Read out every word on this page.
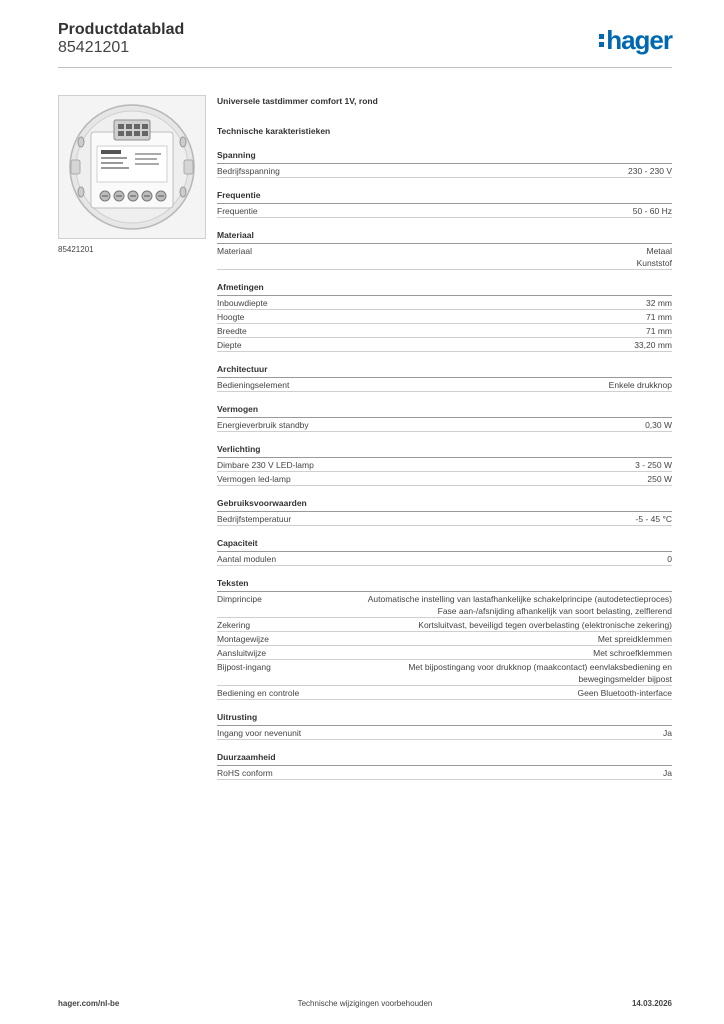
Productdatablad
85421201	hager
85421201
Universele tastdimmer comfort 1V, rond
Technische karakteristieken
Spanning
Bedrijfsspanning	230 - 230 V
Frequentie
Frequentie	50 - 60 Hz
Materiaal
Materiaal	Metaal
Kunststof
Afmetingen
Inbouwdiepte	32 mm
Hoogte	71 mm
Breedte	71 mm
Diepte	33,20 mm
Architectuur
Bedieningselement	Enkele drukknop
Vermogen
Energieverbruik standby	0,30 W
Verlichting
Dimbare 230 V LED-lamp	3 - 250 W
Vermogen led-lamp	250 W
Gebruiksvoorwaarden
Bedrijfstemperatuur	-5 - 45 °C
Capaciteit
Aantal modulen	0
Teksten
Dimprincipe	Automatische instelling van lastafhankelijke schakelprincipe (autodetectieproces)
Fase aan-/afsnijding afhankelijk van soort belasting, zelflerend
Zekering	Kortsluitvast, beveiligd tegen overbelasting (elektronische zekering)
Montagewijze	Met spreidklemmen
Aansluitwijze	Met schroefklemmen
Bijpost-ingang	Met bijpostingang voor drukknop (maakcontact) eenvlaksbediening en
bewegingsmelder bijpost
Bediening en controle	Geen Bluetooth-interface
Uitrusting
Ingang voor nevenunit	Ja
Duurzaamheid
RoHS conform	Ja
hager.com/nl-be	Technische wijzigingen voorbehouden	14.03.2026
